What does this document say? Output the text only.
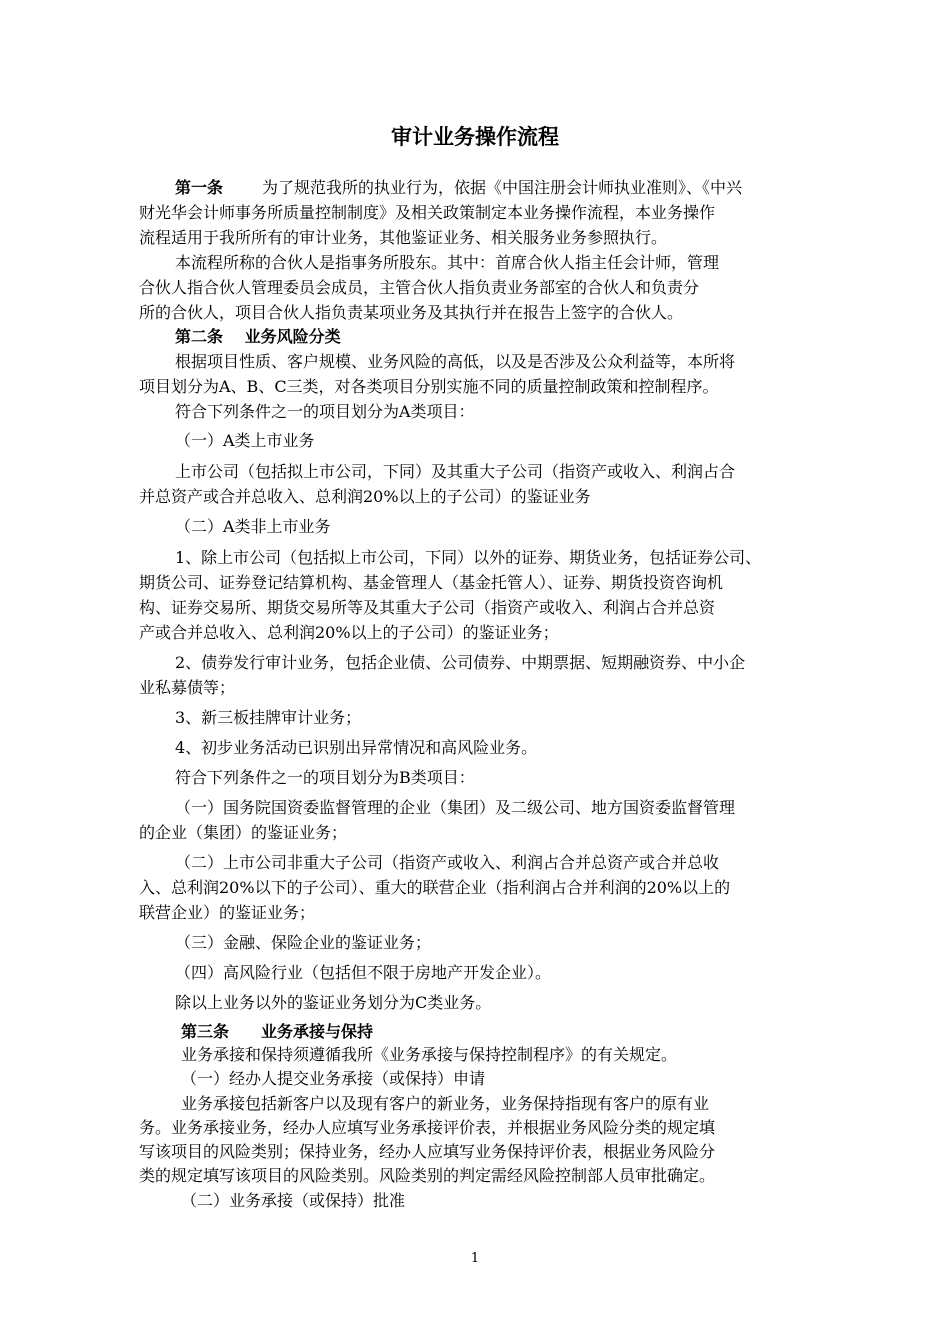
审计业务操作流程
第一条 为了规范我所的执业行为，依据《中国注册会计师执业准则》、《中兴
财光华会计师事务所质量控制制度》及相关政策制定本业务操作流程，本业务操作
流程适用于我所所有的审计业务，其他鉴证业务、相关服务业务参照执行。
本流程所称的合伙人是指事务所股东。其中：首席合伙人指主任会计师，管理
合伙人指合伙人管理委员会成员，主管合伙人指负责业务部室的合伙人和负责分
所的合伙人，项目合伙人指负责某项业务及其执行并在报告上签字的合伙人。
第二条　 业务风险分类
根据项目性质、客户规模、业务风险的高低，以及是否涉及公众利益等，本所将
项目划分为A、B、C三类，对各类项目分别实施不同的质量控制政策和控制程序。
符合下列条件之一的项目划分为A类项目：
（一）A类上市业务
上市公司（包括拟上市公司，下同）及其重大子公司（指资产或收入、利润占合
并总资产或合并总收入、总利润20%以上的子公司）的鉴证业务
（二）A类非上市业务
1、除上市公司（包括拟上市公司，下同）以外的证券、期货业务，包括证券公司、
期货公司、证券登记结算机构、基金管理人（基金托管人）、证券、期货投资咨询机
构、证券交易所、期货交易所等及其重大子公司（指资产或收入、利润占合并总资
产或合并总收入、总利润20%以上的子公司）的鉴证业务；
2、债券发行审计业务，包括企业债、公司债券、中期票据、短期融资券、中小企
业私募债等；
3、新三板挂牌审计业务；
4、初步业务活动已识别出异常情况和高风险业务。
符合下列条件之一的项目划分为B类项目：
（一）国务院国资委监督管理的企业（集团）及二级公司、地方国资委监督管理
的企业（集团）的鉴证业务；
（二）上市公司非重大子公司（指资产或收入、利润占合并总资产或合并总收
入、总利润20%以下的子公司）、重大的联营企业（指利润占合并利润的20%以上的
联营企业）的鉴证业务；
（三）金融、保险企业的鉴证业务；
（四）高风险行业（包括但不限于房地产开发企业）。
除以上业务以外的鉴证业务划分为C类业务。
第三条　　业务承接与保持
业务承接和保持须遵循我所《业务承接与保持控制程序》的有关规定。
（一）经办人提交业务承接（或保持）申请
业务承接包括新客户以及现有客户的新业务，业务保持指现有客户的原有业
务。业务承接业务，经办人应填写业务承接评价表，并根据业务风险分类的规定填
写该项目的风险类别；保持业务，经办人应填写业务保持评价表，根据业务风险分
类的规定填写该项目的风险类别。风险类别的判定需经风险控制部人员审批确定。
（二）业务承接（或保持）批准
1
